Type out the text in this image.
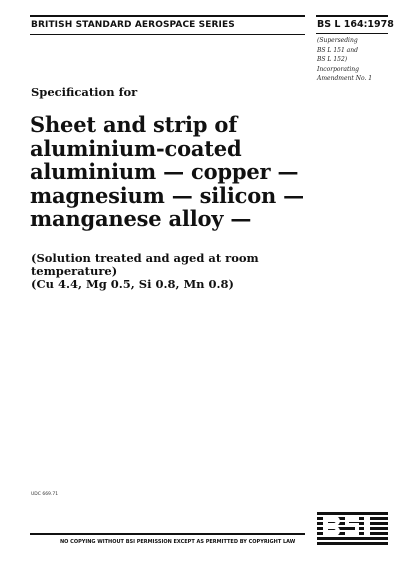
BRITISH STANDARD AEROSPACE SERIES	BS L 164:1978
(Superseding
BS L 151 and
BS L 152)
Incorporating
Amendment No. 1
Specification for
Sheet and strip of
aluminium-coated
aluminium — copper —
magnesium — silicon —
manganese alloy —
(Solution treated and aged at room
temperature)
(Cu 4.4, Mg 0.5, Si 0.8, Mn 0.8)
UDC 669.71
NO COPYING WITHOUT BSI PERMISSION EXCEPT AS PERMITTED BY COPYRIGHT LAW
